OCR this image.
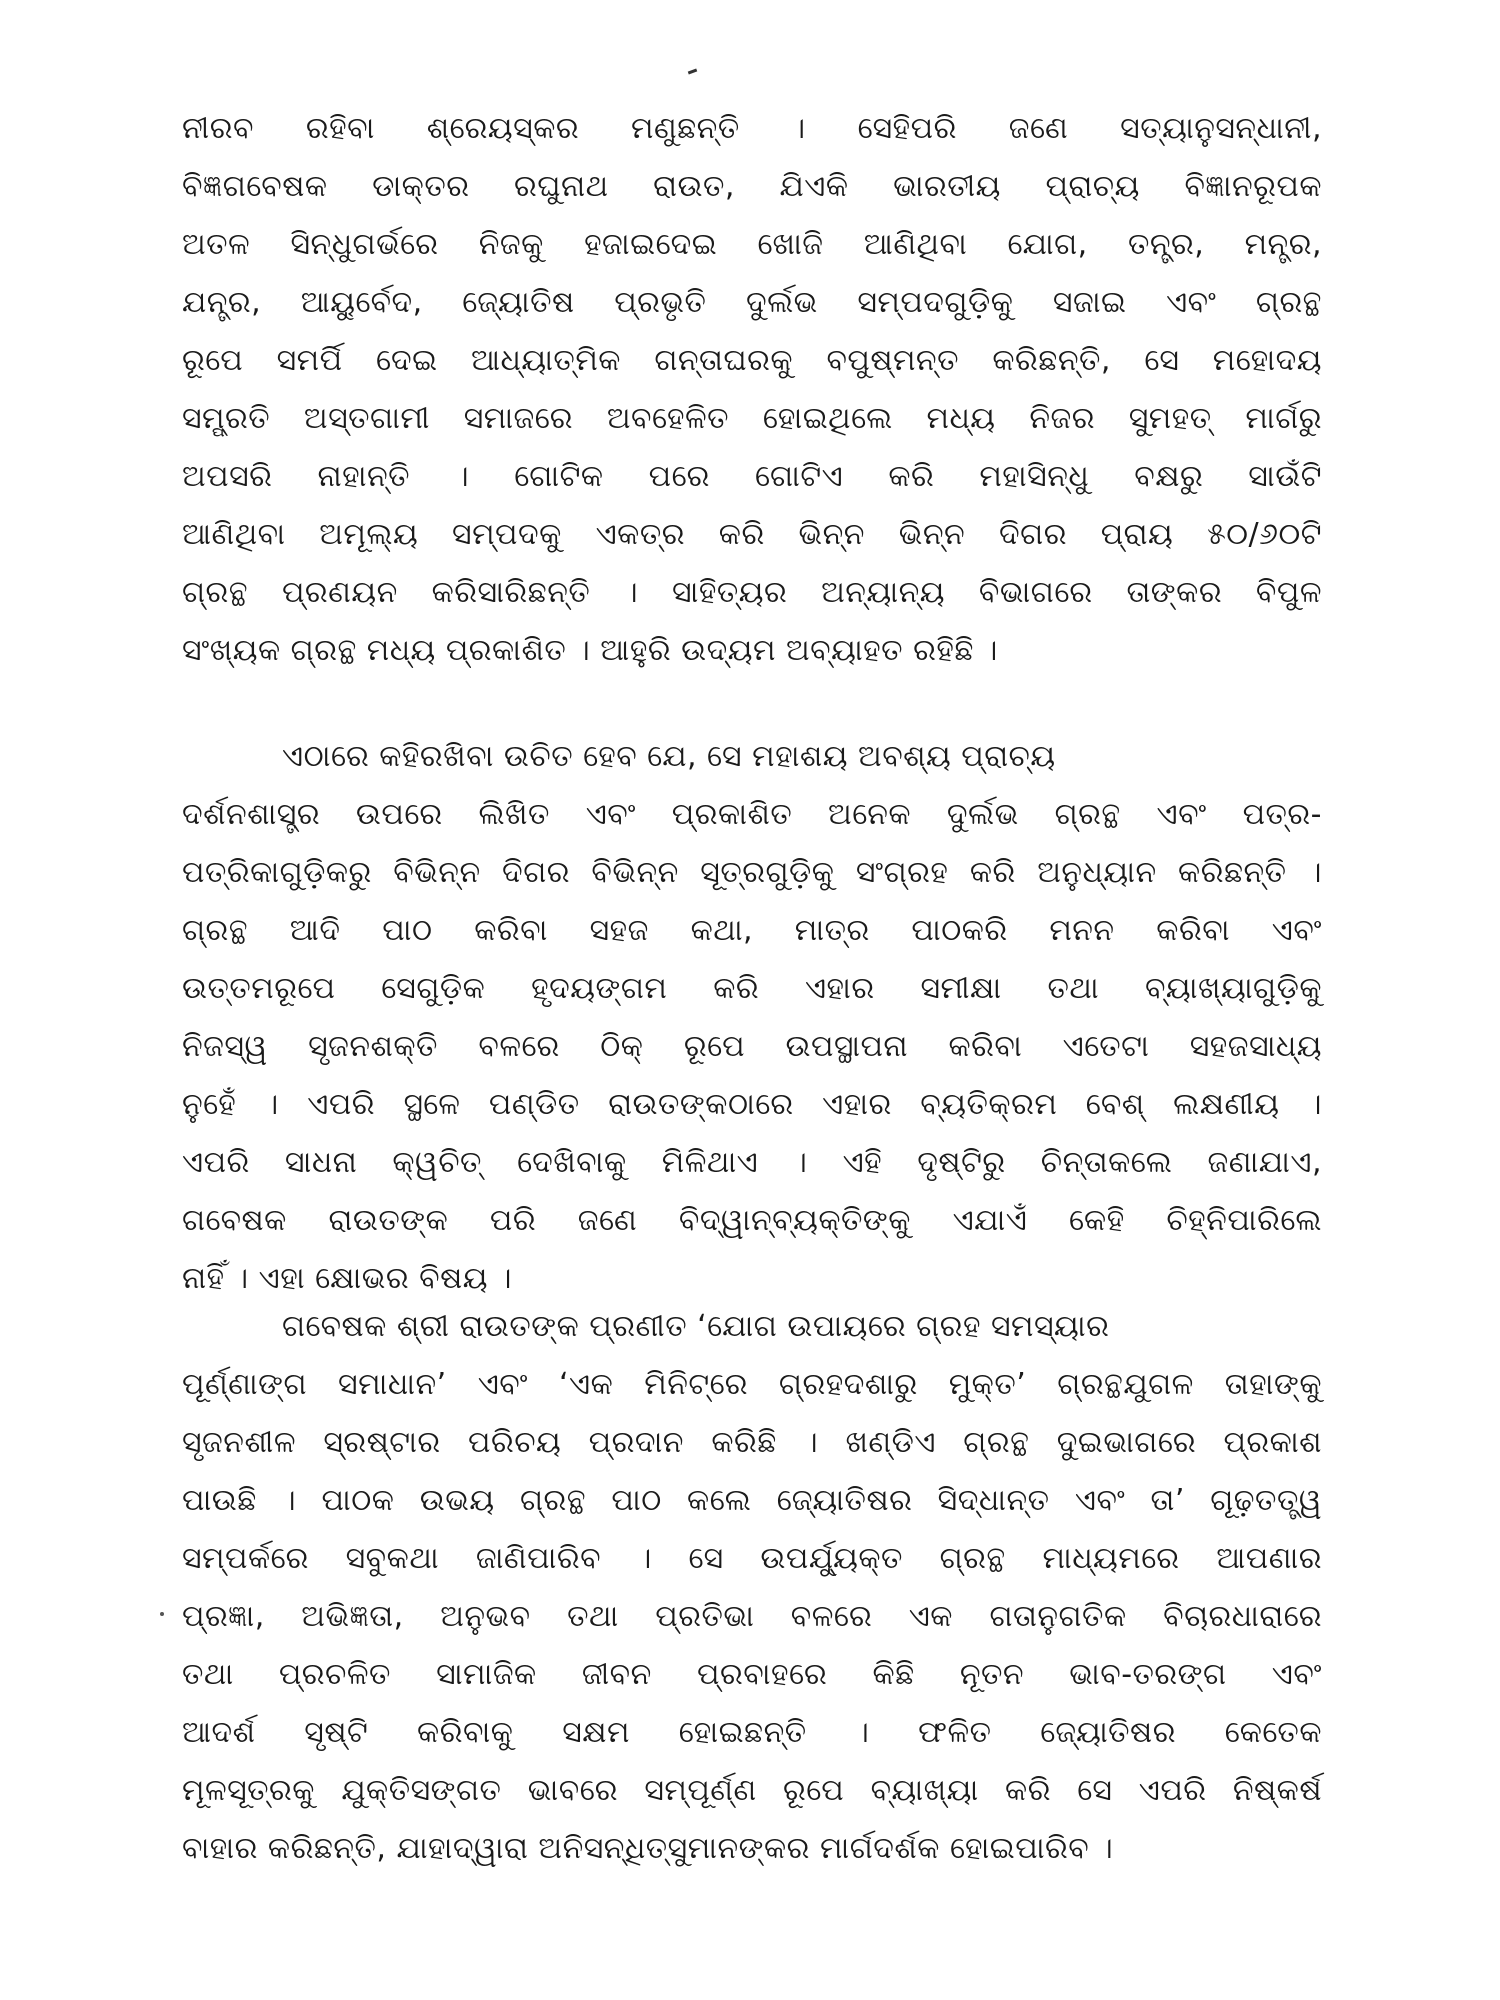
ନୀରବ ରହିବା ଶ୍ରେୟସ୍କର ମଣୁଛନ୍ତି । ସେହିପରି ଜଣେ ସତ୍ୟାନୁସନ୍ଧାନୀ,
ବିଜ୍ଞଗବେଷକ ଡାକ୍ତର ରଘୁନାଥ ରାଉତ, ଯିଏକି ଭାରତୀୟ ପ୍ରାଚ୍ୟ ବିଜ୍ଞାନରୂପକ
ଅତଳ ସିନ୍ଧୁଗର୍ଭରେ ନିଜକୁ ହଜାଇଦେଇ ଖୋଜି ଆଣିଥିବା ଯୋଗ, ତନ୍ତ୍ର, ମନ୍ତ୍ର,
ଯନ୍ତ୍ର, ଆୟୁର୍ବେଦ, ଜ୍ୟୋତିଷ ପ୍ରଭୃତି ଦୁର୍ଲଭ ସମ୍ପଦଗୁଡ଼ିକୁ ସଜାଇ ଏବଂ ଗ୍ରନ୍ଥ
ରୂପେ ସମର୍ପି ଦେଇ ଆଧ୍ୟାତ୍ମିକ ଗନ୍ତାଘରକୁ ବପୁଷ୍ମନ୍ତ କରିଛନ୍ତି, ସେ ମହୋଦୟ
ସମ୍ପ୍ରତି ଅସ୍ତଗାମୀ ସମାଜରେ ଅବହେଳିତ ହୋଇଥିଲେ ମଧ୍ୟ ନିଜର ସୁମହତ୍ ମାର୍ଗରୁ
ଅପସରି ନାହାନ୍ତି । ଗୋଟିକ ପରେ ଗୋଟିଏ କରି ମହାସିନ୍ଧୁ ବକ୍ଷରୁ ସାଉଁଟି
ଆଣିଥିବା ଅମୂଲ୍ୟ ସମ୍ପଦକୁ ଏକତ୍ର କରି ଭିନ୍ନ ଭିନ୍ନ ଦିଗର ପ୍ରାୟ ୫୦/୬୦ଟି
ଗ୍ରନ୍ଥ ପ୍ରଣୟନ କରିସାରିଛନ୍ତି । ସାହିତ୍ୟର ଅନ୍ୟାନ୍ୟ ବିଭାଗରେ ତାଙ୍କର ବିପୁଳ
ସଂଖ୍ୟକ ଗ୍ରନ୍ଥ ମଧ୍ୟ ପ୍ରକାଶିତ । ଆହୁରି ଉଦ୍ୟମ ଅବ୍ୟାହତ ରହିଛି ।
ଏଠାରେ କହିରଖିବା ଉଚିତ ହେବ ଯେ, ସେ ମହାଶୟ ଅବଶ୍ୟ ପ୍ରାଚ୍ୟ
ଦର୍ଶନଶାସ୍ତ୍ର ଉପରେ ଲିଖିତ ଏବଂ ପ୍ରକାଶିତ ଅନେକ ଦୁର୍ଲଭ ଗ୍ରନ୍ଥ ଏବଂ ପତ୍ର-
ପତ୍ରିକାଗୁଡ଼ିକରୁ ବିଭିନ୍ନ ଦିଗର ବିଭିନ୍ନ ସୂତ୍ରଗୁଡ଼ିକୁ ସଂଗ୍ରହ କରି ଅନୁଧ୍ୟାନ କରିଛନ୍ତି ।
ଗ୍ରନ୍ଥ ଆଦି ପାଠ କରିବା ସହଜ କଥା, ମାତ୍ର ପାଠକରି ମନନ କରିବା ଏବଂ
ଉତ୍ତମରୂପେ ସେଗୁଡ଼ିକ ହୃଦୟଙ୍ଗମ କରି ଏହାର ସମୀକ୍ଷା ତଥା ବ୍ୟାଖ୍ୟାଗୁଡ଼ିକୁ
ନିଜସ୍ୱ ସୃଜନଶକ୍ତି ବଳରେ ଠିକ୍ ରୂପେ ଉପସ୍ଥାପନା କରିବା ଏତେଟା ସହଜସାଧ୍ୟ
ନୁହେଁ । ଏପରି ସ୍ଥଳେ ପଣ୍ଡିତ ରାଉତଙ୍କଠାରେ ଏହାର ବ୍ୟତିକ୍ରମ ବେଶ୍ ଲକ୍ଷଣୀୟ ।
ଏପରି ସାଧନା କ୍ୱଚିତ୍ ଦେଖିବାକୁ ମିଳିଥାଏ । ଏହି ଦୃଷ୍ଟିରୁ ଚିନ୍ତାକଲେ ଜଣାଯାଏ,
ଗବେଷକ ରାଉତଙ୍କ ପରି ଜଣେ ବିଦ୍ୱାନ୍‌ବ୍ୟକ୍ତିଙ୍କୁ ଏଯାଏଁ କେହି ଚିହ୍ନିପାରିଲେ
ନାହିଁ । ଏହା କ୍ଷୋଭର ବିଷୟ ।
ଗବେଷକ ଶ୍ରୀ ରାଉତଙ୍କ ପ୍ରଣୀତ ‘ଯୋଗ ଉପାୟରେ ଗ୍ରହ ସମସ୍ୟାର
ପୂର୍ଣ୍ଣାଙ୍ଗ ସମାଧାନ’ ଏବଂ ‘ଏକ ମିନିଟ୍‌ରେ ଗ୍ରହଦଶାରୁ ମୁକ୍ତ’ ଗ୍ରନ୍ଥଯୁଗଳ ତାହାଙ୍କୁ
ସୃଜନଶୀଳ ସ୍ରଷ୍ଟାର ପରିଚୟ ପ୍ରଦାନ କରିଛି । ଖଣ୍ଡିଏ ଗ୍ରନ୍ଥ ଦୁଇଭାଗରେ ପ୍ରକାଶ
ପାଉଛି । ପାଠକ ଉଭୟ ଗ୍ରନ୍ଥ ପାଠ କଲେ ଜ୍ୟୋତିଷର ସିଦ୍ଧାନ୍ତ ଏବଂ ତା’ ଗୂଢ଼ତତ୍ତ୍ୱ
ସମ୍ପର୍କରେ ସବୁକଥା ଜାଣିପାରିବ । ସେ ଉପର୍ଯ୍ୟୁକ୍ତ ଗ୍ରନ୍ଥ ମାଧ୍ୟମରେ ଆପଣାର
ପ୍ରଜ୍ଞା, ଅଭିଜ୍ଞତା, ଅନୁଭବ ତଥା ପ୍ରତିଭା ବଳରେ ଏକ ଗତାନୁଗତିକ ବିଚାରଧାରାରେ
ତଥା ପ୍ରଚଳିତ ସାମାଜିକ ଜୀବନ ପ୍ରବାହରେ କିଛି ନୂତନ ଭାବ-ତରଙ୍ଗ ଏବଂ
ଆଦର୍ଶ ସୃଷ୍ଟି କରିବାକୁ ସକ୍ଷମ ହୋଇଛନ୍ତି । ଫଳିତ ଜ୍ୟୋତିଷର କେତେକ
ମୂଳସୂତ୍ରକୁ ଯୁକ୍ତିସଙ୍ଗତ ଭାବରେ ସମ୍ପୂର୍ଣ୍ଣ ରୂପେ ବ୍ୟାଖ୍ୟା କରି ସେ ଏପରି ନିଷ୍କର୍ଷ
ବାହାର କରିଛନ୍ତି, ଯାହାଦ୍ୱାରା ଅନିସନ୍ଧିତ୍ସୁମାନଙ୍କର ମାର୍ଗଦର୍ଶକ ହୋଇପାରିବ ।
